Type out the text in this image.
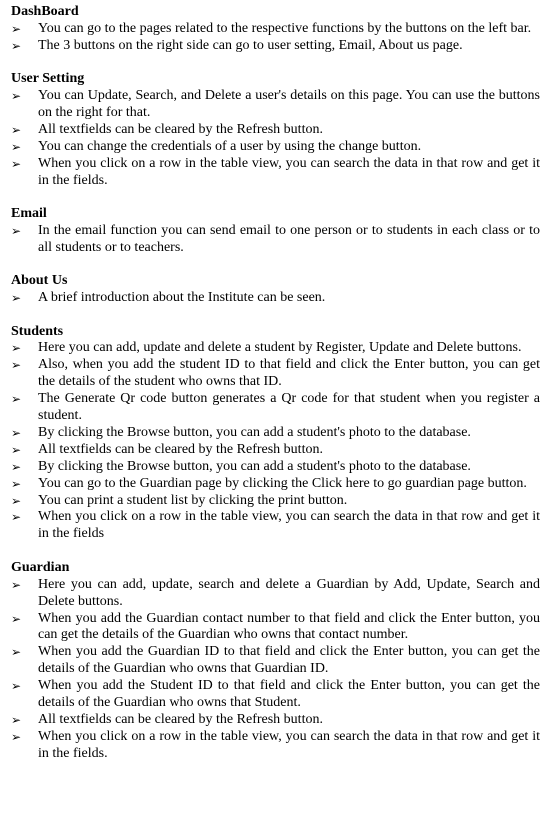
DashBoard
➢ You can go to the pages related to the respective functions by the buttons on the left bar.
➢ The 3 buttons on the right side can go to user setting, Email, About us page.
User Setting
➢ You can Update, Search, and Delete a user's details on this page. You can use the buttons on the right for that.
➢ All textfields can be cleared by the Refresh button.
➢ You can change the credentials of a user by using the change button.
➢ When you click on a row in the table view, you can search the data in that row and get it in the fields.
Email
➢ In the email function you can send email to one person or to students in each class or to all students or to teachers.
About Us
➢ A brief introduction about the Institute can be seen.
Students
➢ Here you can add, update and delete a student by Register, Update and Delete buttons.
➢ Also, when you add the student ID to that field and click the Enter button, you can get the details of the student who owns that ID.
➢ The Generate Qr code button generates a Qr code for that student when you register a student.
➢ By clicking the Browse button, you can add a student's photo to the database.
➢ All textfields can be cleared by the Refresh button.
➢ By clicking the Browse button, you can add a student's photo to the database.
➢ You can go to the Guardian page by clicking the Click here to go guardian page button.
➢ You can print a student list by clicking the print button.
➢ When you click on a row in the table view, you can search the data in that row and get it in the fields
Guardian
➢ Here you can add, update, search and delete a Guardian by Add, Update, Search and Delete buttons.
➢ When you add the Guardian contact number to that field and click the Enter button, you can get the details of the Guardian who owns that contact number.
➢ When you add the Guardian ID to that field and click the Enter button, you can get the details of the Guardian who owns that Guardian ID.
➢ When you add the Student ID to that field and click the Enter button, you can get the details of the Guardian who owns that Student.
➢ All textfields can be cleared by the Refresh button.
➢ When you click on a row in the table view, you can search the data in that row and get it in the fields.
